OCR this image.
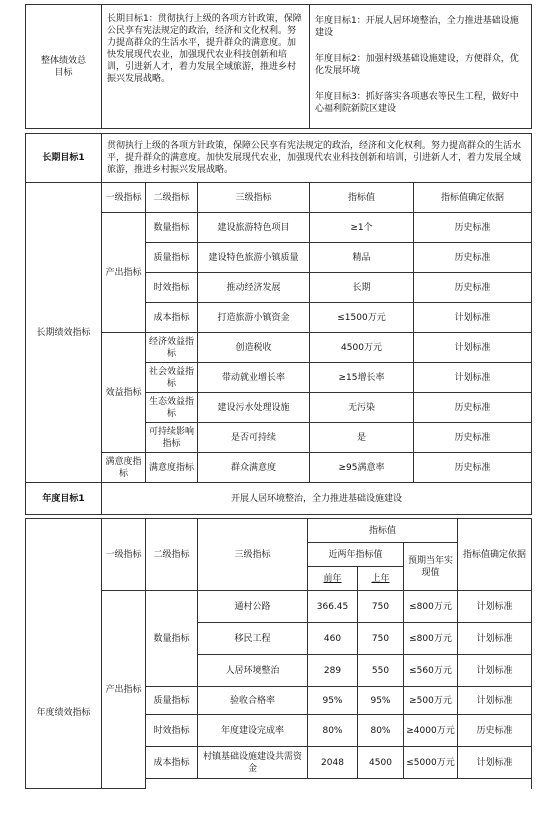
整体绩效总目标	长期目标1：贯彻执行上级的各项方针政策，保障公民享有宪法规定的政治，经济和文化权利。努力提高群众的生活水平，提升群众的满意度。加快发展现代农业，加强现代农业科技创新和培训，引进新人才，着力发展全域旅游，推进乡村振兴发展战略。	
年度目标1：开展人居环境整治，全力推进基础设施建设
年度目标2：加强村级基础设施建设，方便群众，优化发展环境
年度目标3：抓好落实各项惠农等民生工程，做好中心福利院新院区建设
长期目标1	贯彻执行上级的各项方针政策，保障公民享有宪法规定的政治，经济和文化权利。努力提高群众的生活水平，提升群众的满意度。加快发展现代农业，加强现代农业科技创新和培训，引进新人才，着力发展全域旅游，推进乡村振兴发展战略。				
长期绩效指标	一级指标	二级指标	三级指标	指标值	指标值确定依据
	产出指标	数量指标	建设旅游特色项目	≥1个	历史标准
		质量指标	建设特色旅游小镇质量	精品	历史标准
		时效指标	推动经济发展	长期	历史标准
		成本指标	打造旅游小镇资金	≤1500万元	计划标准
	效益指标	经济效益指标	创造税收	4500万元	计划标准
		社会效益指标	带动就业增长率	≥15增长率	计划标准
		生态效益指标	建设污水处理设施	无污染	历史标准
		可持续影响指标	是否可持续	是	历史标准
	满意度指标	满意度指标	群众满意度	≥95满意率	历史标准
年度目标1	开展人居环境整治，全力推进基础设施建设				
年度绩效指标	一级指标	二级指标	三级指标	指标值			指标值确定依据
				近两年指标值		预期当年实现值	
				前年	上年		
	产出指标	数量指标	通村公路	366.45	750	≤800万元	计划标准
			移民工程	460	750	≤800万元	计划标准
			人居环境整治	289	550	≤560万元	计划标准
		质量指标	验收合格率	95%	95%	≥500万元	计划标准
		时效指标	年度建设完成率	80%	80%	≥4000万元	历史标准
		成本指标	村镇基础设施建设共需资金	2048	4500	≤5000万元	计划标准
